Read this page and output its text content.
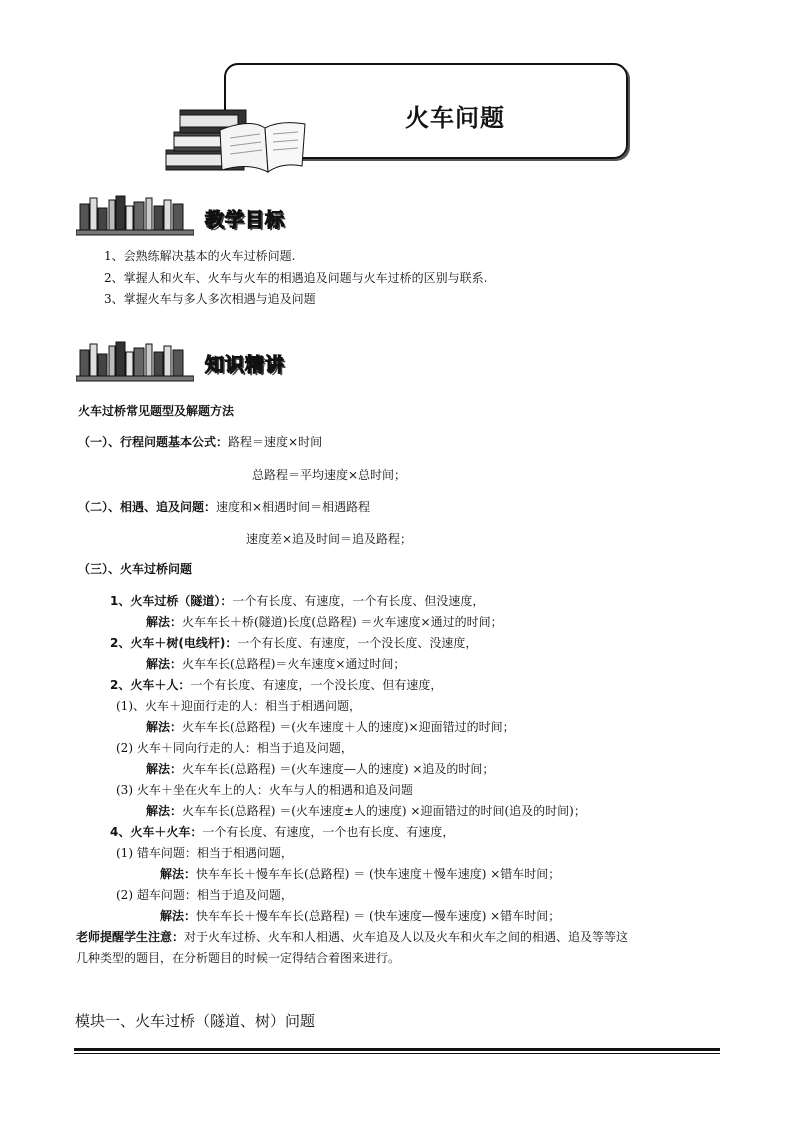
火车问题
教学目标
1、会熟练解决基本的火车过桥问题.
2、掌握人和火车、火车与火车的相遇追及问题与火车过桥的区别与联系.
3、掌握火车与多人多次相遇与追及问题
知识精讲
火车过桥常见题型及解题方法
（一）、行程问题基本公式：路程＝速度×时间
总路程＝平均速度×总时间；
（二）、相遇、追及问题：速度和×相遇时间＝相遇路程
速度差×追及时间＝追及路程；
（三）、火车过桥问题
1、火车过桥（隧道）：一个有长度、有速度，一个有长度、但没速度，
解法：火车车长＋桥(隧道)长度(总路程) ＝火车速度×通过的时间；
2、火车＋树(电线杆)：一个有长度、有速度，一个没长度、没速度，
解法：火车车长(总路程)＝火车速度×通过时间；
2、火车＋人：一个有长度、有速度，一个没长度、但有速度，
(1)、火车＋迎面行走的人：相当于相遇问题，
解法：火车车长(总路程) ＝(火车速度＋人的速度)×迎面错过的时间；
(2) 火车＋同向行走的人：相当于追及问题，
解法：火车车长(总路程) ＝(火车速度—人的速度) ×追及的时间；
(3) 火车＋坐在火车上的人：火车与人的相遇和追及问题
解法：火车车长(总路程) ＝(火车速度±人的速度) ×迎面错过的时间(追及的时间)；
4、火车＋火车：一个有长度、有速度，一个也有长度、有速度，
(1) 错车问题：相当于相遇问题，
解法：快车车长＋慢车车长(总路程) ＝ (快车速度＋慢车速度) ×错车时间；
(2) 超车问题：相当于追及问题，
解法：快车车长＋慢车车长(总路程) ＝ (快车速度—慢车速度) ×错车时间；
老师提醒学生注意：对于火车过桥、火车和人相遇、火车追及人以及火车和火车之间的相遇、追及等等这
几种类型的题目，在分析题目的时候一定得结合着图来进行。
模块一、火车过桥（隧道、树）问题
